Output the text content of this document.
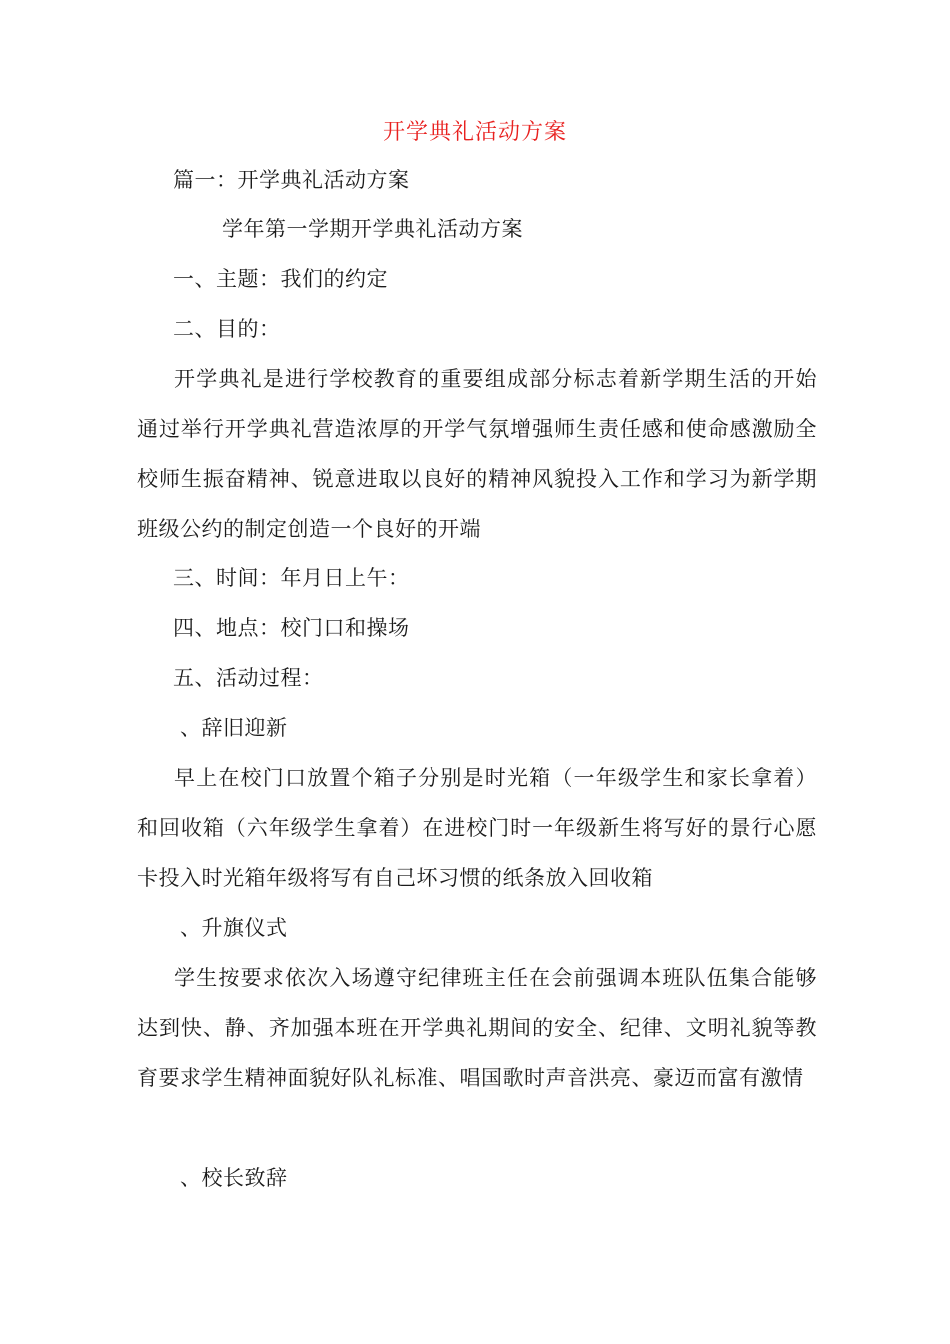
开学典礼活动方案
篇一：开学典礼活动方案
学年第一学期开学典礼活动方案
一、主题：我们的约定
二、目的：
开学典礼是进行学校教育的重要组成部分标志着新学期生活的开始通过举行开学典礼营造浓厚的开学气氛增强师生责任感和使命感激励全校师生振奋精神、锐意进取以良好的精神风貌投入工作和学习为新学期班级公约的制定创造一个良好的开端
三、时间：年月日上午：
四、地点：校门口和操场
五、活动过程：
、辞旧迎新
早上在校门口放置个箱子分别是时光箱（一年级学生和家长拿着）和回收箱（六年级学生拿着）在进校门时一年级新生将写好的景行心愿卡投入时光箱年级将写有自己坏习惯的纸条放入回收箱
、升旗仪式
学生按要求依次入场遵守纪律班主任在会前强调本班队伍集合能够达到快、静、齐加强本班在开学典礼期间的安全、纪律、文明礼貌等教育要求学生精神面貌好队礼标准、唱国歌时声音洪亮、豪迈而富有激情
、校长致辞
